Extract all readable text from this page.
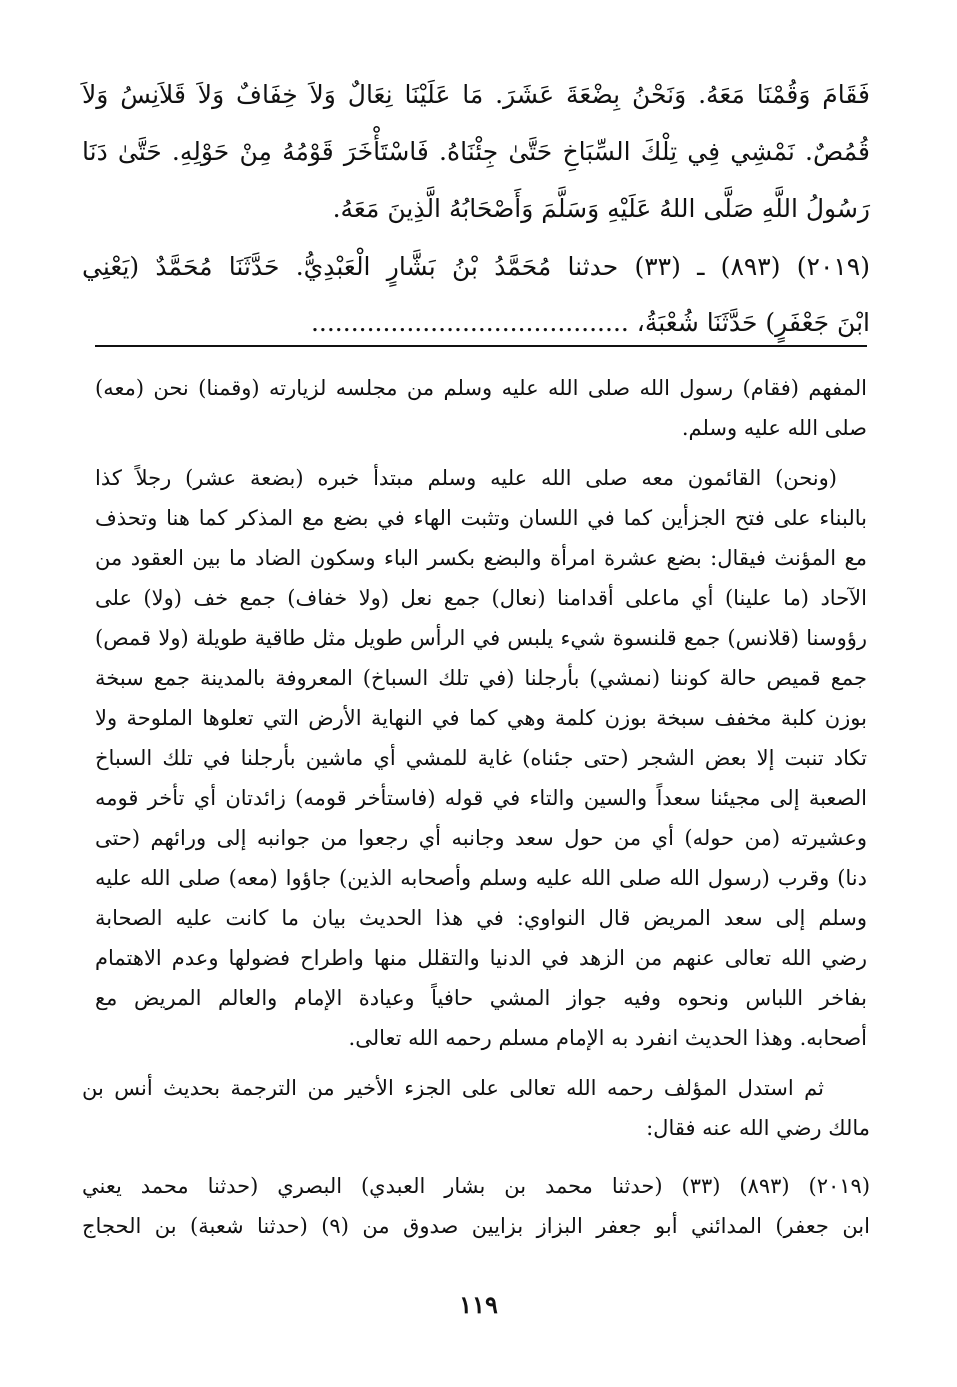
فَقَامَ وَقُمْنَا مَعَهُ. وَنَحْنُ بِضْعَةَ عَشَرَ. مَا عَلَيْنَا نِعَالٌ وَلاَ خِفَافٌ وَلاَ قَلاَنِسُ وَلاَ
قُمُصٌ. نَمْشِي فِي تِلْكَ السِّبَاخِ حَتَّىٰ جِئْنَاهُ. فَاسْتَأْخَرَ قَوْمُهُ مِنْ حَوْلِهِ. حَتَّىٰ دَنَا
رَسُولُ اللَّهِ صَلَّى اللهُ عَلَيْهِ وَسَلَّمَ وَأَصْحَابُهُ الَّذِينَ مَعَهُ.
(٢٠١٩) (٨٩٣) ـ (٣٣) حدثنا مُحَمَّدُ بْنُ بَشَّارٍ الْعَبْدِيُّ. حَدَّثَنَا مُحَمَّدٌ (يَعْنِي
ابْنَ جَعْفَرٍ) حَدَّثَنَا شُعْبَةُ، ........................................
المفهم (فقام) رسول الله صلى الله عليه وسلم من مجلسه لزيارته (وقمنا) نحن (معه)
صلى الله عليه وسلم.
(ونحن) القائمون معه صلى الله عليه وسلم مبتدأ خبره (بضعة عشر) رجلاً كذا
بالبناء على فتح الجزأين كما في اللسان وتثبت الهاء في بضع مع المذكر كما هنا وتحذف
مع المؤنث فيقال: بضع عشرة امرأة والبضع بكسر الباء وسكون الضاد ما بين العقود من
الآحاد (ما علينا) أي ماعلى أقدامنا (نعال) جمع نعل (ولا خفاف) جمع خف (ولا) على
رؤوسنا (قلانس) جمع قلنسوة شيء يلبس في الرأس طويل مثل طاقية طويلة (ولا قمص)
جمع قميص حالة كوننا (نمشي) بأرجلنا (في تلك السباخ) المعروفة بالمدينة جمع سبخة
بوزن كلبة مخفف سبخة بوزن كلمة وهي كما في النهاية الأرض التي تعلوها الملوحة ولا
تكاد تنبت إلا بعض الشجر (حتى جئناه) غاية للمشي أي ماشين بأرجلنا في تلك السباخ
الصعبة إلى مجيئنا سعداً والسين والتاء في قوله (فاستأخر قومه) زائدتان أي تأخر قومه
وعشيرته (من حوله) أي من حول سعد وجانبه أي رجعوا من جوانبه إلى ورائهم (حتى
دنا) وقرب (رسول الله صلى الله عليه وسلم وأصحابه الذين) جاؤوا (معه) صلى الله عليه
وسلم إلى سعد المريض قال النواوي: في هذا الحديث بيان ما كانت عليه الصحابة
رضي الله تعالى عنهم من الزهد في الدنيا والتقلل منها واطراح فضولها وعدم الاهتمام
بفاخر اللباس ونحوه وفيه جواز المشي حافياً وعيادة الإمام والعالم المريض مع
أصحابه. وهذا الحديث انفرد به الإمام مسلم رحمه الله تعالى.
ثم استدل المؤلف رحمه الله تعالى على الجزء الأخير من الترجمة بحديث أنس بن
مالك رضي الله عنه فقال:
(٢٠١٩) (٨٩٣) (٣٣) (حدثنا محمد بن بشار العبدي) البصري (حدثنا محمد يعني
ابن جعفر) المدائني أبو جعفر البزاز بزايين صدوق من (٩) (حدثنا شعبة) بن الحجاج
١١٩
